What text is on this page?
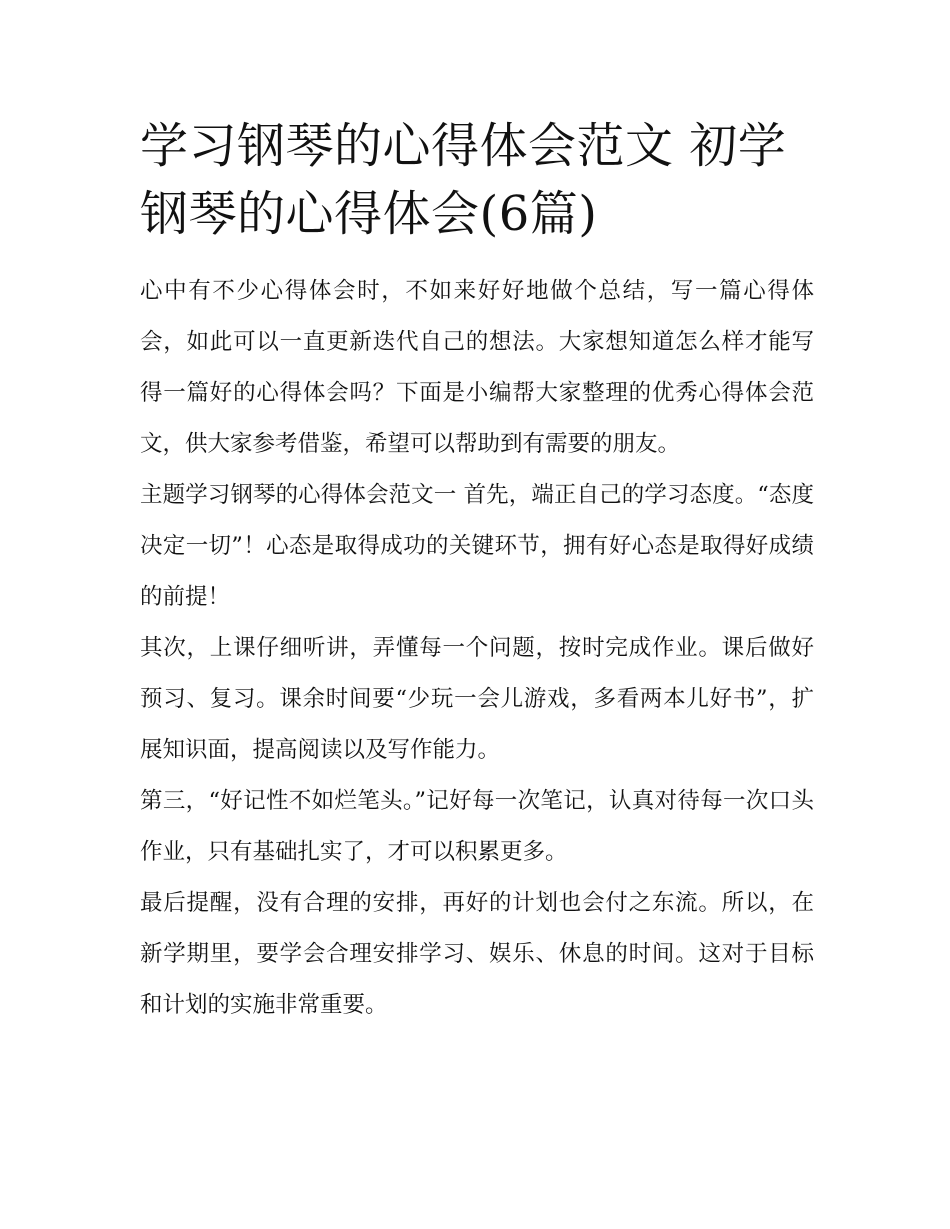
学习钢琴的心得体会范文 初学钢琴的心得体会(6篇)

心中有不少心得体会时，不如来好好地做个总结，写一篇心得体会，如此可以一直更新迭代自己的想法。大家想知道怎么样才能写得一篇好的心得体会吗？下面是小编帮大家整理的优秀心得体会范文，供大家参考借鉴，希望可以帮助到有需要的朋友。

主题学习钢琴的心得体会范文一 首先，端正自己的学习态度。“态度决定一切”！心态是取得成功的关键环节，拥有好心态是取得好成绩的前提！

其次，上课仔细听讲，弄懂每一个问题，按时完成作业。课后做好预习、复习。课余时间要“少玩一会儿游戏，多看两本儿好书”，扩展知识面，提高阅读以及写作能力。

第三，“好记性不如烂笔头。”记好每一次笔记，认真对待每一次口头作业，只有基础扎实了，才可以积累更多。

最后提醒，没有合理的安排，再好的计划也会付之东流。所以，在新学期里，要学会合理安排学习、娱乐、休息的时间。这对于目标和计划的实施非常重要。
